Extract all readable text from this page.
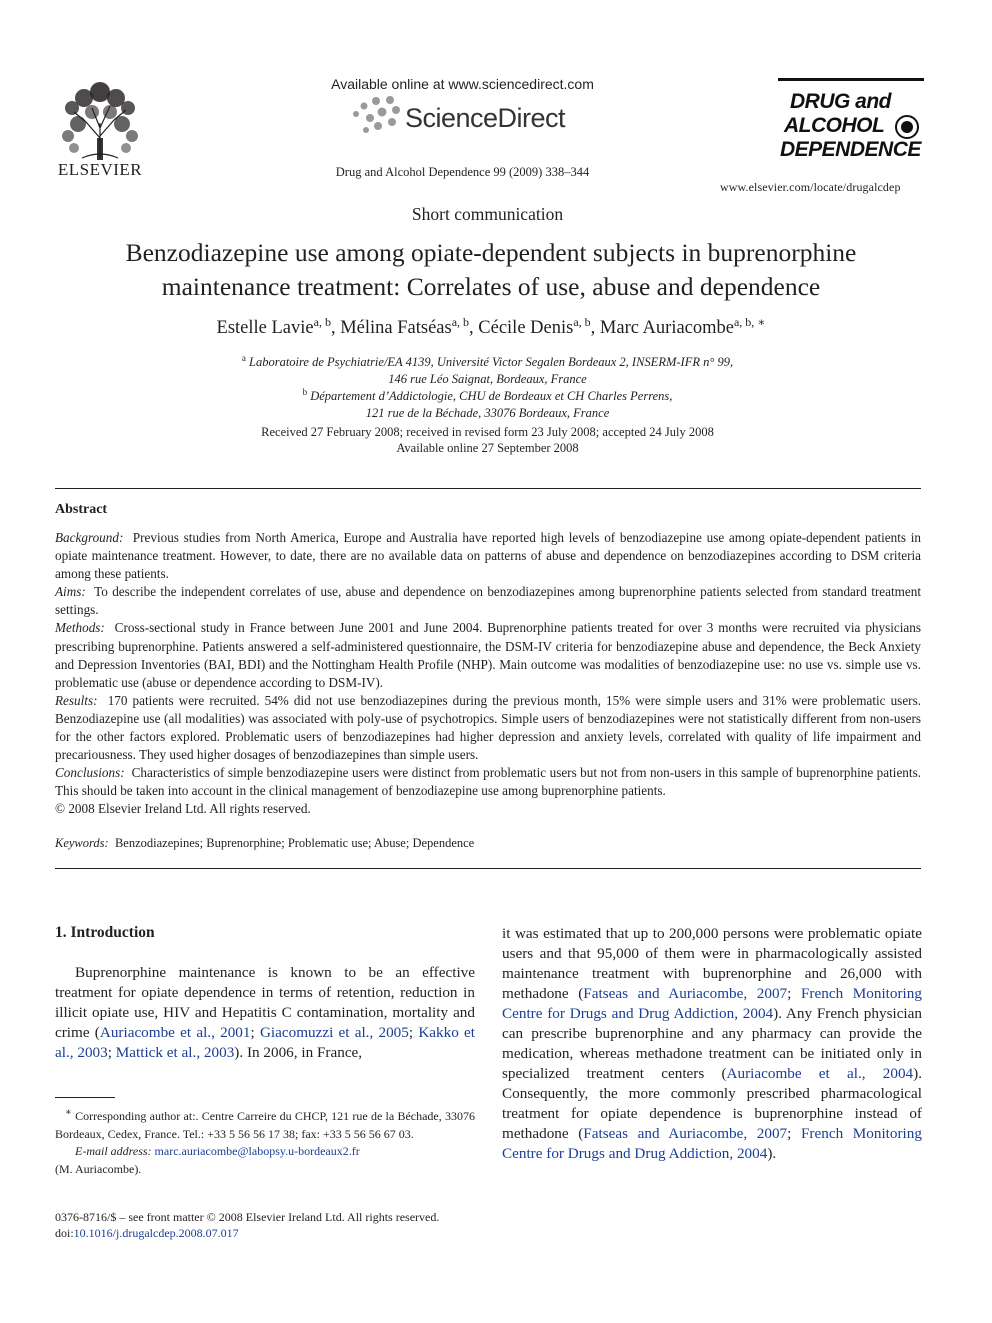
ELSEVIER
Available online at www.sciencedirect.com
ScienceDirect
Drug and Alcohol Dependence 99 (2009) 338–344
DRUG and
ALCOHOL
DEPENDENCE
www.elsevier.com/locate/drugalcdep
Short communication
Benzodiazepine use among opiate-dependent subjects in buprenorphine
maintenance treatment: Correlates of use, abuse and dependence
Estelle Lavie$^{a, b}$, Mélina Fatséas$^{a, b}$, Cécile Denis$^{a, b}$, Marc Auriacombe$^{a, b, ∗}$
$^a$ Laboratoire de Psychiatrie/EA 4139, Université Victor Segalen Bordeaux 2, INSERM-IFR n° 99,
146 rue Léo Saignat, Bordeaux, France
$^b$ Département d’Addictologie, CHU de Bordeaux et CH Charles Perrens,
121 rue de la Béchade, 33076 Bordeaux, France
Received 27 February 2008; received in revised form 23 July 2008; accepted 24 July 2008
Available online 27 September 2008
Abstract

Background: Previous studies from North America, Europe and Australia have reported high levels of benzodiazepine use among opiate-dependent patients in opiate maintenance treatment. However, to date, there are no available data on patterns of abuse and dependence on benzodiazepines according to DSM criteria among these patients.

Aims: To describe the independent correlates of use, abuse and dependence on benzodiazepines among buprenorphine patients selected from standard treatment settings.

Methods: Cross-sectional study in France between June 2001 and June 2004. Buprenorphine patients treated for over 3 months were recruited via physicians prescribing buprenorphine. Patients answered a self-administered questionnaire, the DSM-IV criteria for benzodiazepine abuse and dependence, the Beck Anxiety and Depression Inventories (BAI, BDI) and the Nottingham Health Profile (NHP). Main outcome was modalities of benzodiazepine use: no use vs. simple use vs. problematic use (abuse or dependence according to DSM-IV).

Results: 170 patients were recruited. 54% did not use benzodiazepines during the previous month, 15% were simple users and 31% were problematic users. Benzodiazepine use (all modalities) was associated with poly-use of psychotropics. Simple users of benzodiazepines were not statistically different from non-users for the other factors explored. Problematic users of benzodiazepines had higher depression and anxiety levels, correlated with quality of life impairment and precariousness. They used higher dosages of benzodiazepines than simple users.

Conclusions: Characteristics of simple benzodiazepine users were distinct from problematic users but not from non-users in this sample of buprenorphine patients. This should be taken into account in the clinical management of benzodiazepine use among buprenorphine patients.

© 2008 Elsevier Ireland Ltd. All rights reserved.

Keywords: Benzodiazepines; Buprenorphine; Problematic use; Abuse; Dependence
1. Introduction

Buprenorphine maintenance is known to be an effective treatment for opiate dependence in terms of retention, reduction in illicit opiate use, HIV and Hepatitis C contamination, mortality and crime (Auriacombe et al., 2001; Giacomuzzi et al., 2005; Kakko et al., 2003; Mattick et al., 2003). In 2006, in France,

∗ Corresponding author at:. Centre Carreire du CHCP, 121 rue de la Béchade, 33076 Bordeaux, Cedex, France. Tel.: +33 5 56 56 17 38; fax: +33 5 56 56 67 03.

E-mail address: marc.auriacombe@labopsy.u-bordeaux2.fr

(M. Auriacombe).

0376-8716/$ – see front matter © 2008 Elsevier Ireland Ltd. All rights reserved.
doi:10.1016/j.drugalcdep.2008.07.017

it was estimated that up to 200,000 persons were problematic opiate users and that 95,000 of them were in pharmacologically assisted maintenance treatment with buprenorphine and 26,000 with methadone (Fatseas and Auriacombe, 2007; French Monitoring Centre for Drugs and Drug Addiction, 2004). Any French physician can prescribe buprenorphine and any pharmacy can provide the medication, whereas methadone treatment can be initiated only in specialized treatment centers (Auriacombe et al., 2004). Consequently, the more commonly prescribed pharmacological treatment for opiate dependence is buprenorphine instead of methadone (Fatseas and Auriacombe, 2007; French Monitoring Centre for Drugs and Drug Addiction, 2004).
